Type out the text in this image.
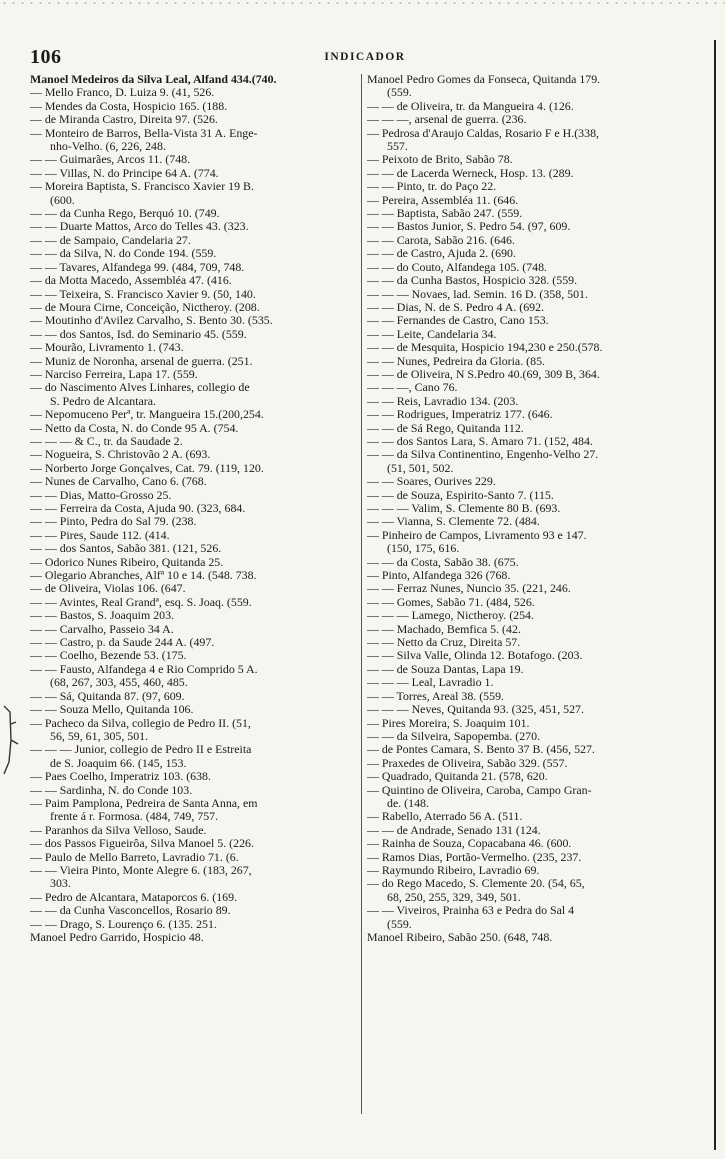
106	INDICADOR
Manoel Medeiros da Silva Leal, Alfand 434.(740.
— Mello Franco, D. Luiza 9. (41, 526.
— Mendes da Costa, Hospicio 165. (188.
— de Miranda Castro, Direita 97. (526.
— Monteiro de Barros, Bella-Vista 31 A. Enge-
nho-Velho. (6, 226, 248.
— — Guimarães, Arcos 11. (748.
— — Villas, N. do Principe 64 A. (774.
— Moreira Baptista, S. Francisco Xavier 19 B.
(600.
— — da Cunha Rego, Berquó 10. (749.
— — Duarte Mattos, Arco do Telles 43. (323.
— — de Sampaio, Candelaria 27.
— — da Silva, N. do Conde 194. (559.
— — Tavares, Alfandega 99. (484, 709, 748.
— da Motta Macedo, Assembléa 47. (416.
— — Teixeira, S. Francisco Xavier 9. (50, 140.
— de Moura Cirne, Conceição, Nictheroy. (208.
— Moutinho d'Avilez Carvalho, S. Bento 30. (535.
— — dos Santos, Isd. do Seminario 45. (559.
— Mourão, Livramento 1. (743.
— Muniz de Noronha, arsenal de guerra. (251.
— Narciso Ferreira, Lapa 17. (559.
— do Nascimento Alves Linhares, collegio de
S. Pedro de Alcantara.
— Nepomuceno Perª, tr. Mangueira 15.(200,254.
— Netto da Costa, N. do Conde 95 A. (754.
— — — & C., tr. da Saudade 2.
— Nogueira, S. Christovão 2 A. (693.
— Norberto Jorge Gonçalves, Cat. 79. (119, 120.
— Nunes de Carvalho, Cano 6. (768.
— — Dias, Matto-Grosso 25.
— — Ferreira da Costa, Ajuda 90. (323, 684.
— — Pinto, Pedra do Sal 79. (238.
— — Pires, Saude 112. (414.
— — dos Santos, Sabão 381. (121, 526.
— Odorico Nunes Ribeiro, Quitanda 25.
— Olegario Abranches, Alfª 10 e 14. (548. 738.
— de Oliveira, Violas 106. (647.
— — Avintes, Real Grandª, esq. S. Joaq. (559.
— — Bastos, S. Joaquim 203.
— — Carvalho, Passeio 34 A.
— — Castro, p. da Saude 244 A. (497.
— — Coelho, Bezende 53. (175.
— — Fausto, Alfandega 4 e Rio Comprido 5 A.
(68, 267, 303, 455, 460, 485.
— — Sá, Quitanda 87. (97, 609.
— — Souza Mello, Quitanda 106.
— Pacheco da Silva, collegio de Pedro II. (51,
56, 59, 61, 305, 501.
— — — Junior, collegio de Pedro II e Estreita
de S. Joaquim 66. (145, 153.
— Paes Coelho, Imperatriz 103. (638.
— — Sardinha, N. do Conde 103.
— Paim Pamplona, Pedreira de Santa Anna, em
frente á r. Formosa. (484, 749, 757.
— Paranhos da Silva Velloso, Saude.
— dos Passos Figueirôa, Silva Manoel 5. (226.
— Paulo de Mello Barreto, Lavradio 71. (6.
— — Vieira Pinto, Monte Alegre 6. (183, 267,
303.
— Pedro de Alcantara, Mataporcos 6. (169.
— — da Cunha Vasconcellos, Rosario 89.
— — Drago, S. Lourenço 6. (135. 251.
Manoel Pedro Garrido, Hospicio 48.
Manoel Pedro Gomes da Fonseca, Quitanda 179.
(559.
— — de Oliveira, tr. da Mangueira 4. (126.
— — —, arsenal de guerra. (236.
— Pedrosa d'Araujo Caldas, Rosario F e H.(338,
557.
— Peixoto de Brito, Sabão 78.
— — de Lacerda Werneck, Hosp. 13. (289.
— — Pinto, tr. do Paço 22.
— Pereira, Assembléa 11. (646.
— — Baptista, Sabão 247. (559.
— — Bastos Junior, S. Pedro 54. (97, 609.
— — Carota, Sabão 216. (646.
— — de Castro, Ajuda 2. (690.
— — do Couto, Alfandega 105. (748.
— — da Cunha Bastos, Hospicio 328. (559.
— — — Novaes, lad. Semin. 16 D. (358, 501.
— — Dias, N. de S. Pedro 4 A. (692.
— — Fernandes de Castro, Cano 153.
— — Leite, Candelaria 34.
— — de Mesquita, Hospicio 194,230 e 250.(578.
— — Nunes, Pedreira da Gloria. (85.
— — de Oliveira, N S.Pedro 40.(69, 309 B, 364.
— — —, Cano 76.
— — Reis, Lavradio 134. (203.
— — Rodrigues, Imperatriz 177. (646.
— — de Sá Rego, Quitanda 112.
— — dos Santos Lara, S. Amaro 71. (152, 484.
— — da Silva Continentino, Engenho-Velho 27.
(51, 501, 502.
— — Soares, Ourives 229.
— — de Souza, Espirito-Santo 7. (115.
— — — Valim, S. Clemente 80 B. (693.
— — Vianna, S. Clemente 72. (484.
— Pinheiro de Campos, Livramento 93 e 147.
(150, 175, 616.
— — da Costa, Sabão 38. (675.
— Pinto, Alfandega 326 (768.
— — Ferraz Nunes, Nuncio 35. (221, 246.
— — Gomes, Sabão 71. (484, 526.
— — — Lamego, Nictheroy. (254.
— — Machado, Bemfica 5. (42.
— — Netto da Cruz, Direita 57.
— — Silva Valle, Olinda 12. Botafogo. (203.
— — de Souza Dantas, Lapa 19.
— — — Leal, Lavradio 1.
— — Torres, Areal 38. (559.
— — — Neves, Quitanda 93. (325, 451, 527.
— Pires Moreira, S. Joaquim 101.
— — da Silveira, Sapopemba. (270.
— de Pontes Camara, S. Bento 37 B. (456, 527.
— Praxedes de Oliveira, Sabão 329. (557.
— Quadrado, Quitanda 21. (578, 620.
— Quintino de Oliveira, Caroba, Campo Gran-
de. (148.
— Rabello, Aterrado 56 A. (511.
— — de Andrade, Senado 131 (124.
— Rainha de Souza, Copacabana 46. (600.
— Ramos Dias, Portão-Vermelho. (235, 237.
— Raymundo Ribeiro, Lavradio 69.
— do Rego Macedo, S. Clemente 20. (54, 65,
68, 250, 255, 329, 349, 501.
— — Viveiros, Prainha 63 e Pedra do Sal 4
(559.
Manoel Ribeiro, Sabão 250. (648, 748.
